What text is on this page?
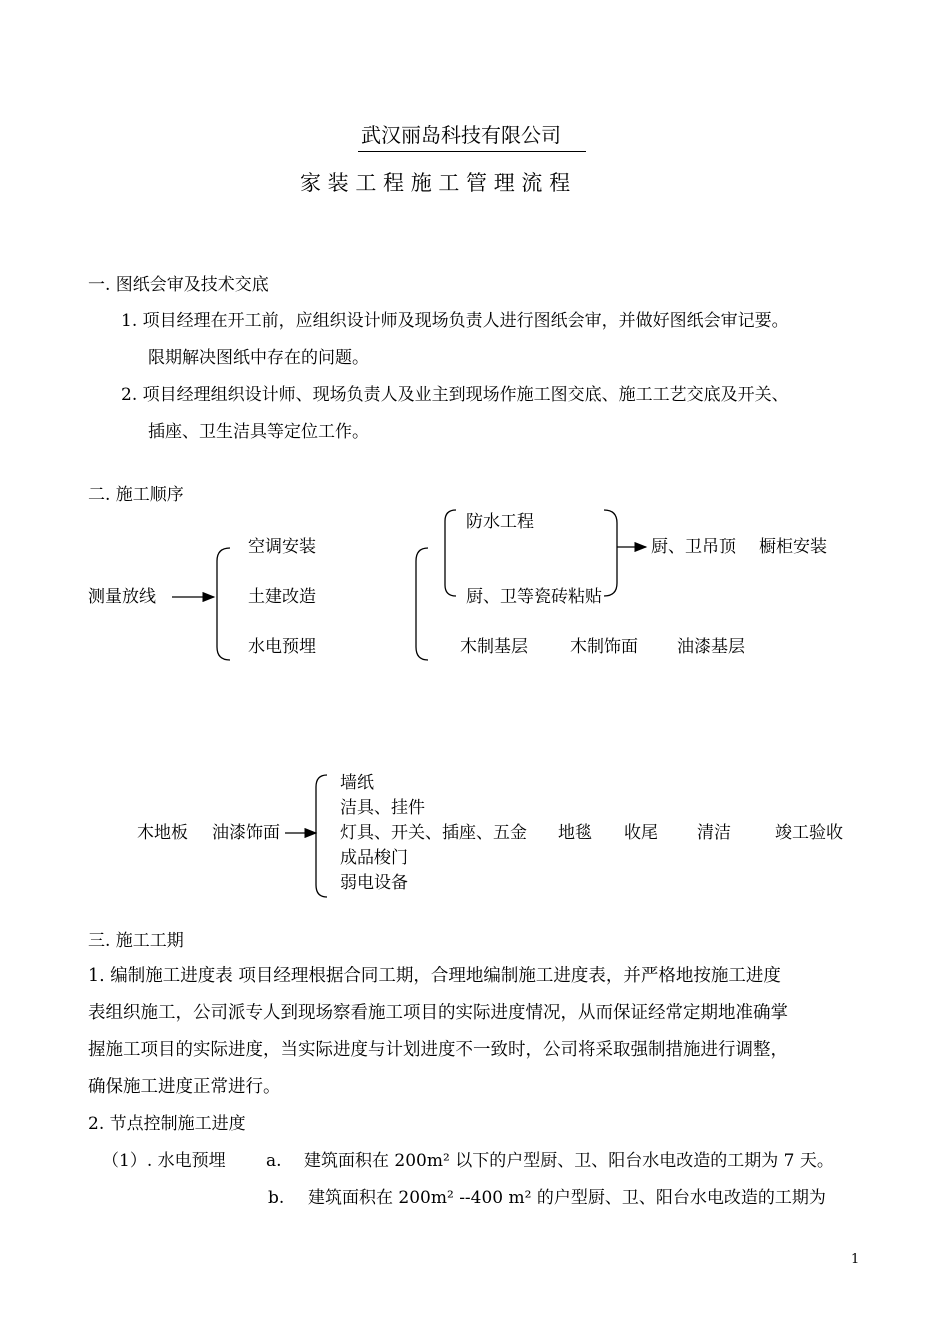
武汉丽岛科技有限公司
家 装 工 程 施 工 管 理 流 程
一. 图纸会审及技术交底
1. 项目经理在开工前，应组织设计师及现场负责人进行图纸会审，并做好图纸会审记要。
限期解决图纸中存在的问题。
2. 项目经理组织设计师、现场负责人及业主到现场作施工图交底、施工工艺交底及开关、
插座、卫生洁具等定位工作。
二. 施工顺序
测量放线
空调安装
土建改造
水电预埋
防水工程
厨、卫等瓷砖粘贴
厨、卫吊顶 橱柜安装
木制基层 木制饰面 油漆基层
木地板 油漆饰面
墙纸
洁具、挂件
灯具、开关、插座、五金
成品梭门
弱电设备
地毯 收尾 清洁	竣工验收
三. 施工工期
1. 编制施工进度表 项目经理根据合同工期，合理地编制施工进度表，并严格地按施工进度
表组织施工，公司派专人到现场察看施工项目的实际进度情况，从而保证经常定期地准确掌
握施工项目的实际进度，当实际进度与计划进度不一致时，公司将采取强制措施进行调整，
确保施工进度正常进行。
2. 节点控制施工进度
（1）. 水电预埋 a. 建筑面积在 200m² 以下的户型厨、卫、阳台水电改造的工期为 7 天。
b. 建筑面积在 200m² --400 m² 的户型厨、卫、阳台水电改造的工期为
1
